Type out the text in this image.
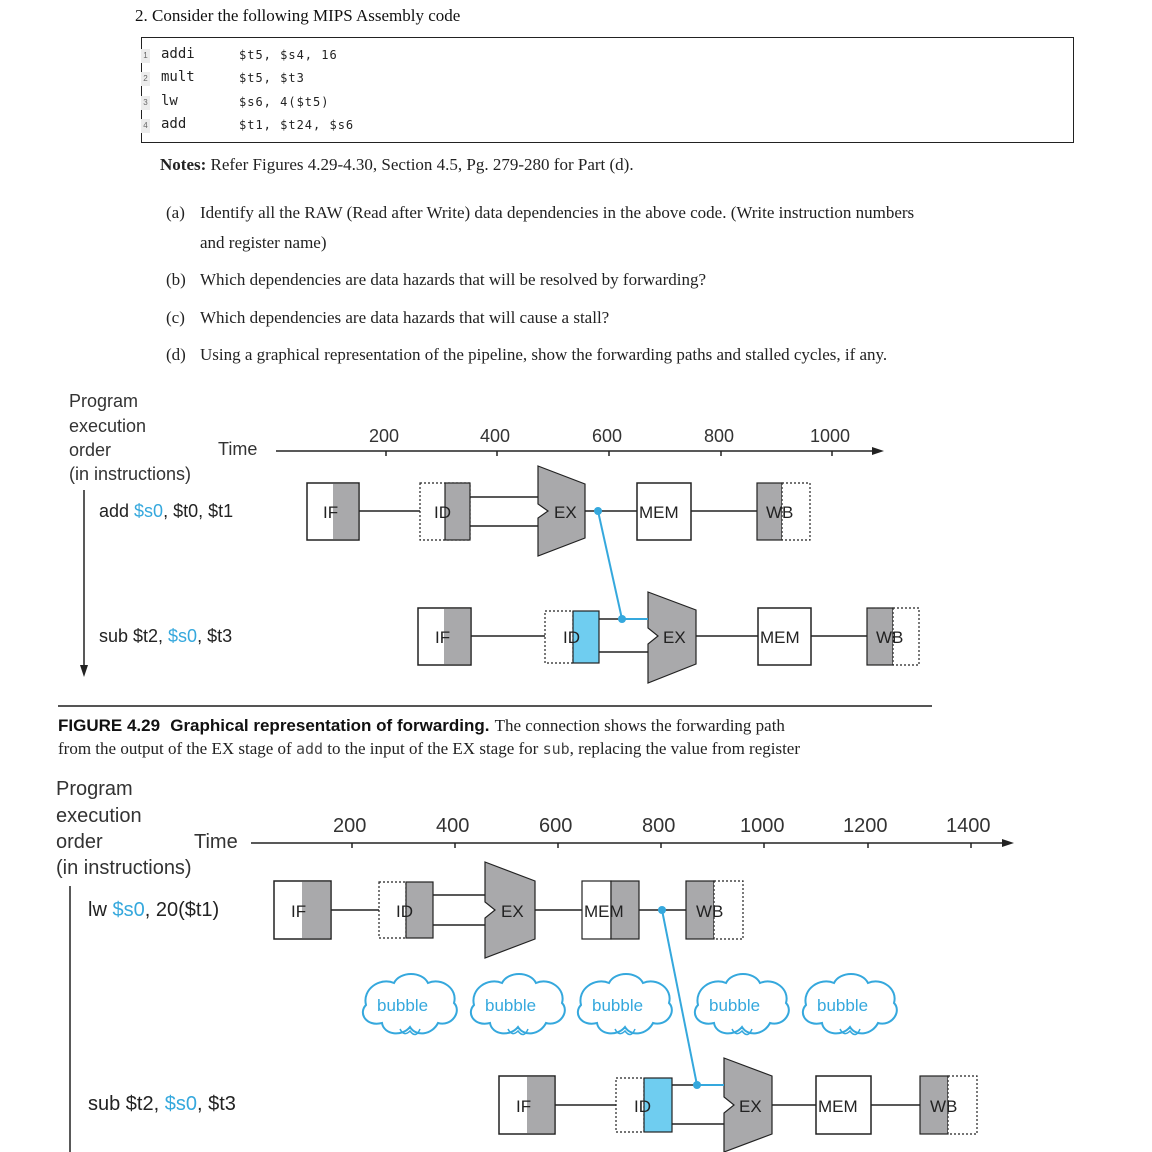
2. Consider the following MIPS Assembly code
1 addi	$t5, $s4, 16
2 mult	$t5, $t3
3 lw	$s6, 4($t5)
4 add	$t1, $t24, $s6
Notes: Refer Figures 4.29-4.30, Section 4.5, Pg. 279-280 for Part (d).
(a) Identify all the RAW (Read after Write) data dependencies in the above code. (Write instruction numbers
and register name)
(b) Which dependencies are data hazards that will be resolved by forwarding?
(c) Which dependencies are data hazards that will cause a stall?
(d) Using a graphical representation of the pipeline, show the forwarding paths and stalled cycles, if any.
Program
execution
order
(in instructions)
Time
200	400	600	800	1000
add $s0, $t0, $t1
sub $t2, $s0, $t3
IF	ID	EX	MEM	WB
IF	ID	EX	MEM	WB
IF	ID	EX	MEM	WB
bubble	bubble	bubble	bubble	bubble
IF	ID	EX	MEM	WB
FIGURE 4.29 Graphical representation of forwarding. The connection shows the forwarding path
from the output of the EX stage of add to the input of the EX stage for sub, replacing the value from register
Program
execution
order
(in instructions)
Time
200	400	600	800	1000	1200	1400
lw $s0, 20($t1)
sub $t2, $s0, $t3
